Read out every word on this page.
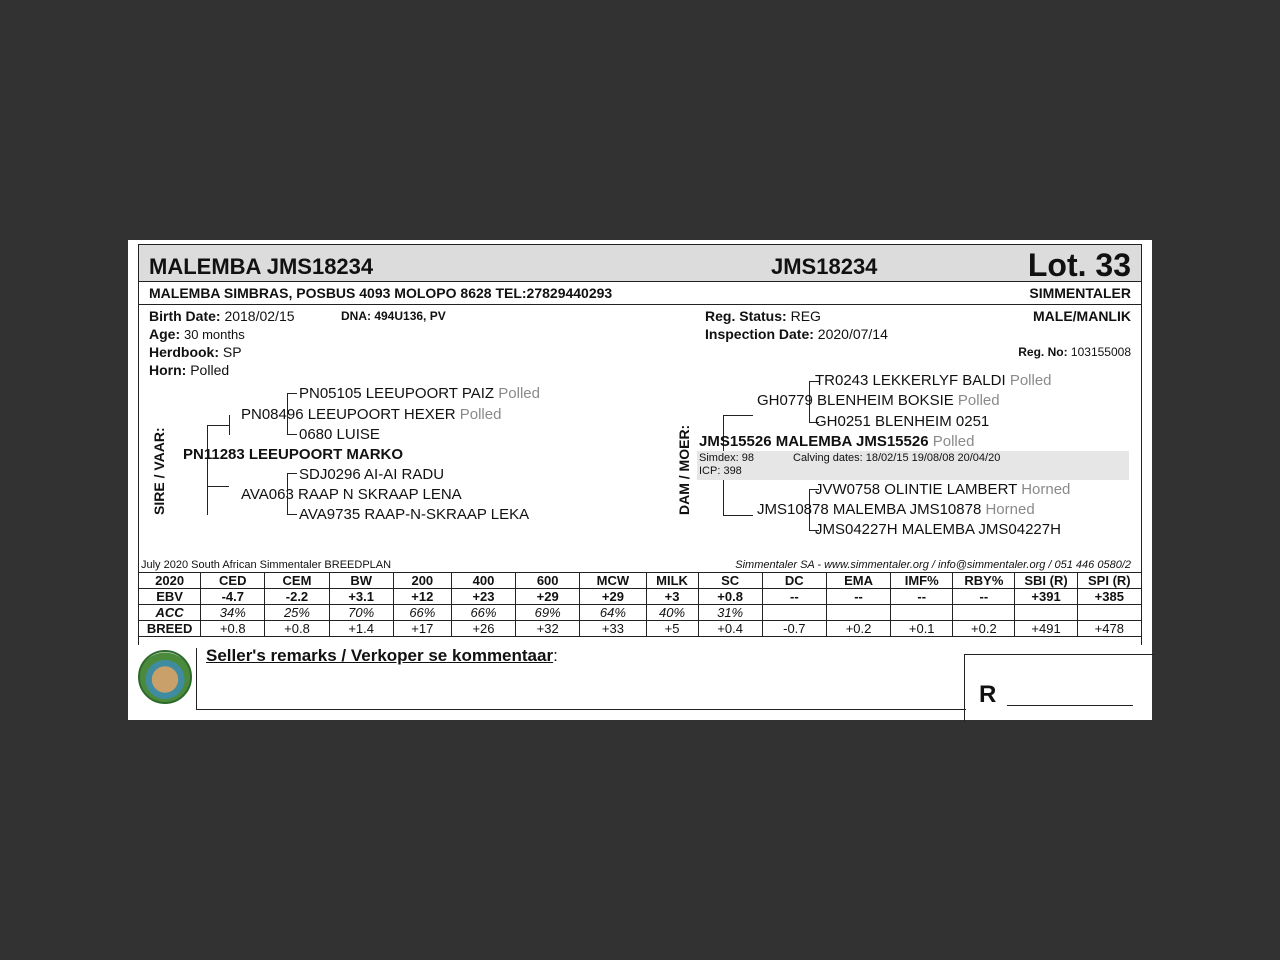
MALEMBA JMS18234	JMS18234	Lot. 33
MALEMBA SIMBRAS, POSBUS 4093 MOLOPO 8628 TEL:27829440293	SIMMENTALER
Birth Date: 2018/02/15	DNA: 494U136, PV
Age: 30 months
Herdbook: SP
Horn: Polled
Reg. Status: REG
Inspection Date: 2020/07/14
MALE/MANLIK
Reg. No: 103155008
SIRE / VAAR:
PN05105 LEEUPOORT PAIZ Polled
0680 LUISE
PN08496 LEEUPOORT HEXER Polled
PN11283 LEEUPOORT MARKO
SDJ0296 AI-AI RADU
AVA063 RAAP N SKRAAP LENA
AVA9735 RAAP-N-SKRAAP LEKA	DAM / MOER:
TR0243 LEKKERLYF BALDI Polled
GH0779 BLENHEIM BOKSIE Polled
GH0251 BLENHEIM 0251
JMS15526 MALEMBA JMS15526 Polled
Simdex: 98	Calving dates: 18/02/15 19/08/08 20/04/20
ICP: 398
JVW0758 OLINTIE LAMBERT Horned
JMS10878 MALEMBA JMS10878 Horned
JMS04227H MALEMBA JMS04227H
July 2020 South African Simmentaler BREEDPLAN	Simmentaler SA - www.simmentaler.org / info@simmentaler.org / 051 446 0580/2
2020	CED	CEM	BW	200	400	600	MCW	MILK	SC	DC	EMA	IMF%	RBY%	SBI (R)	SPI (R)
EBV	-4.7	-2.2	+3.1	+12	+23	+29	+29	+3	+0.8	--	--	--	--	+391	+385
ACC	34%	25%	70%	66%	66%	69%	64%	40%	31%						
BREED	+0.8	+0.8	+1.4	+17	+26	+32	+33	+5	+0.4	-0.7	+0.2	+0.1	+0.2	+491	+478
Seller's remarks / Verkoper se kommentaar:
R
